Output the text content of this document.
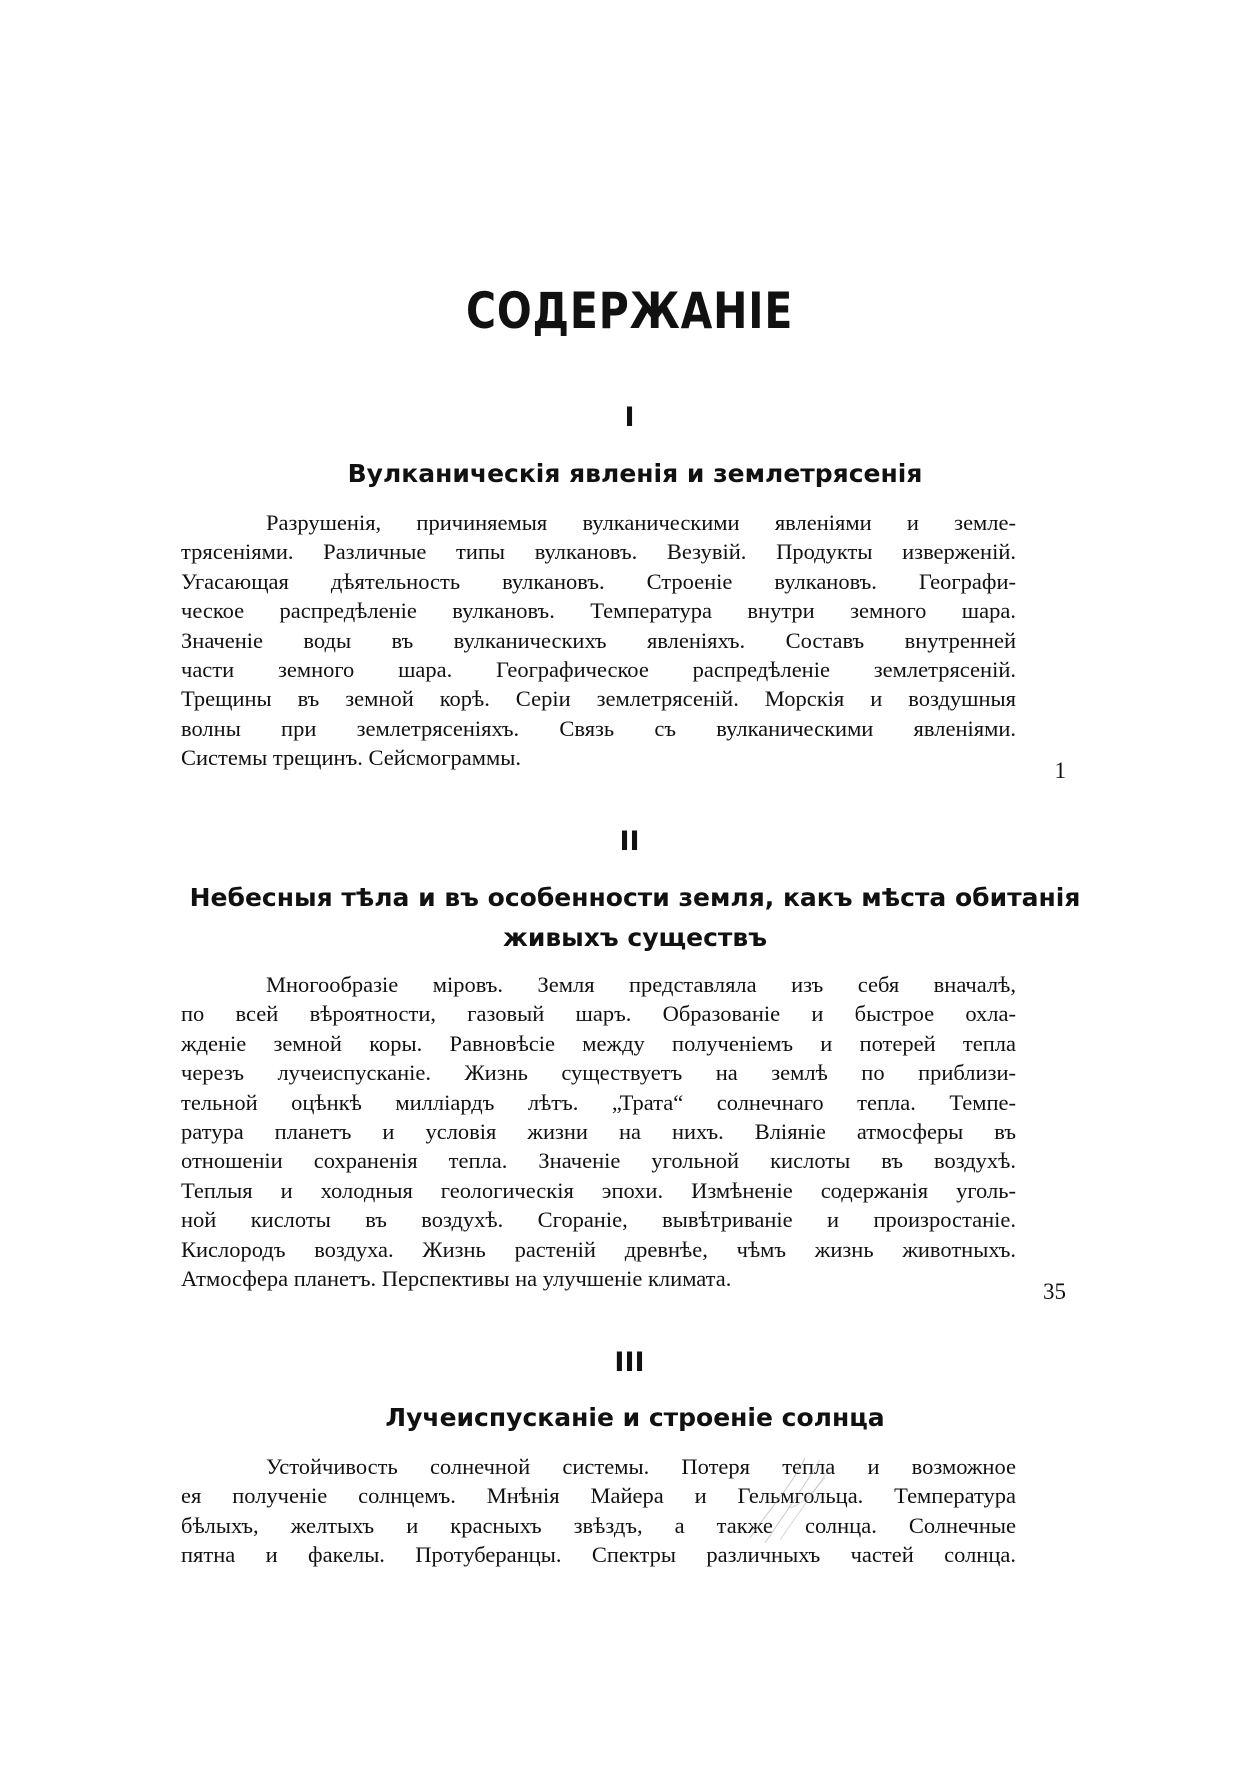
СОДЕРЖАНІЕ
I
Вулканическія явленія и землетрясенія
Разрушенія, причиняемыя вулканическими явленіями и земле-
трясеніями. Различные типы вулкановъ. Везувій. Продукты изверженій.
Угасающая дѣятельность вулкановъ. Строеніе вулкановъ. Географи-
ческое распредѣленіе вулкановъ. Температура внутри земного шара.
Значеніе воды въ вулканическихъ явленіяхъ. Составъ внутренней
части земного шара. Географическое распредѣленіе землетрясеній.
Трещины въ земной корѣ. Серіи землетрясеній. Морскія и воздушныя
волны при землетрясеніяхъ. Связь съ вулканическими явленіями.
Системы трещинъ. Сейсмограммы.
1
II
Небесныя тѣла и въ особенности земля, какъ мѣста обитанія
живыхъ существъ
Многообразіе міровъ. Земля представляла изъ себя вначалѣ,
по всей вѣроятности, газовый шаръ. Образованіе и быстрое охла-
жденіе земной коры. Равновѣсіе между полученіемъ и потерей тепла
черезъ лучеиспусканіе. Жизнь существуетъ на землѣ по приблизи-
тельной оцѣнкѣ милліардъ лѣтъ. „Трата“ солнечнаго тепла. Темпе-
ратура планетъ и условія жизни на нихъ. Вліяніе атмосферы въ
отношеніи сохраненія тепла. Значеніе угольной кислоты въ воздухѣ.
Теплыя и холодныя геологическія эпохи. Измѣненіе содержанія уголь-
ной кислоты въ воздухѣ. Сгораніе, вывѣтриваніе и произростаніе.
Кислородъ воздуха. Жизнь растеній древнѣе, чѣмъ жизнь животныхъ.
Атмосфера планетъ. Перспективы на улучшеніе климата.
35
III
Лучеиспусканіе и строеніе солнца
Устойчивость солнечной системы. Потеря тепла и возможное
ея полученіе солнцемъ. Мнѣнія Майера и Гельмгольца. Температура
бѣлыхъ, желтыхъ и красныхъ звѣздъ, а также солнца. Солнечные
пятна и факелы. Протуберанцы. Спектры различныхъ частей солнца.
